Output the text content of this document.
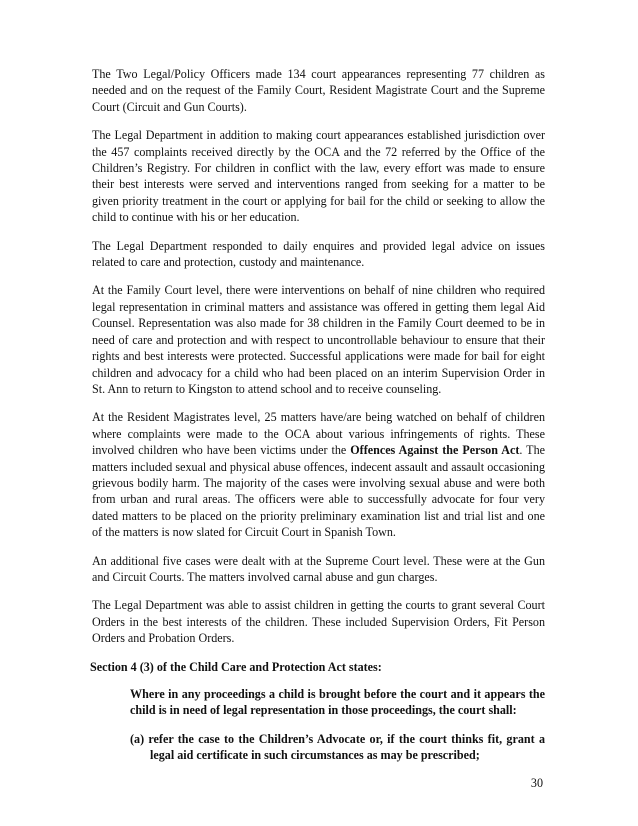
The Two Legal/Policy Officers made 134 court appearances representing 77 children as needed and on the request of the Family Court, Resident Magistrate Court and the Supreme Court (Circuit and Gun Courts).

The Legal Department in addition to making court appearances established jurisdiction over the 457 complaints received directly by the OCA and the 72 referred by the Office of the Children’s Registry. For children in conflict with the law, every effort was made to ensure their best interests were served and interventions ranged from seeking for a matter to be given priority treatment in the court or applying for bail for the child or seeking to allow the child to continue with his or her education.

The Legal Department responded to daily enquires and provided legal advice on issues related to care and protection, custody and maintenance.

At the Family Court level, there were interventions on behalf of nine children who required legal representation in criminal matters and assistance was offered in getting them legal Aid Counsel. Representation was also made for 38 children in the Family Court deemed to be in need of care and protection and with respect to uncontrollable behaviour to ensure that their rights and best interests were protected. Successful applications were made for bail for eight children and advocacy for a child who had been placed on an interim Supervision Order in St. Ann to return to Kingston to attend school and to receive counseling.

At the Resident Magistrates level, 25 matters have/are being watched on behalf of children where complaints were made to the OCA about various infringements of rights. These involved children who have been victims under the Offences Against the Person Act. The matters included sexual and physical abuse offences, indecent assault and assault occasioning grievous bodily harm. The majority of the cases were involving sexual abuse and were both from urban and rural areas. The officers were able to successfully advocate for four very dated matters to be placed on the priority preliminary examination list and trial list and one of the matters is now slated for Circuit Court in Spanish Town.

An additional five cases were dealt with at the Supreme Court level. These were at the Gun and Circuit Courts. The matters involved carnal abuse and gun charges.

The Legal Department was able to assist children in getting the courts to grant several Court Orders in the best interests of the children. These included Supervision Orders, Fit Person Orders and Probation Orders.

Section 4 (3) of the Child Care and Protection Act states:

Where in any proceedings a child is brought before the court and it appears the child is in need of legal representation in those proceedings, the court shall:

(a) refer the case to the Children’s Advocate or, if the court thinks fit, grant a legal aid certificate in such circumstances as may be prescribed;

30
